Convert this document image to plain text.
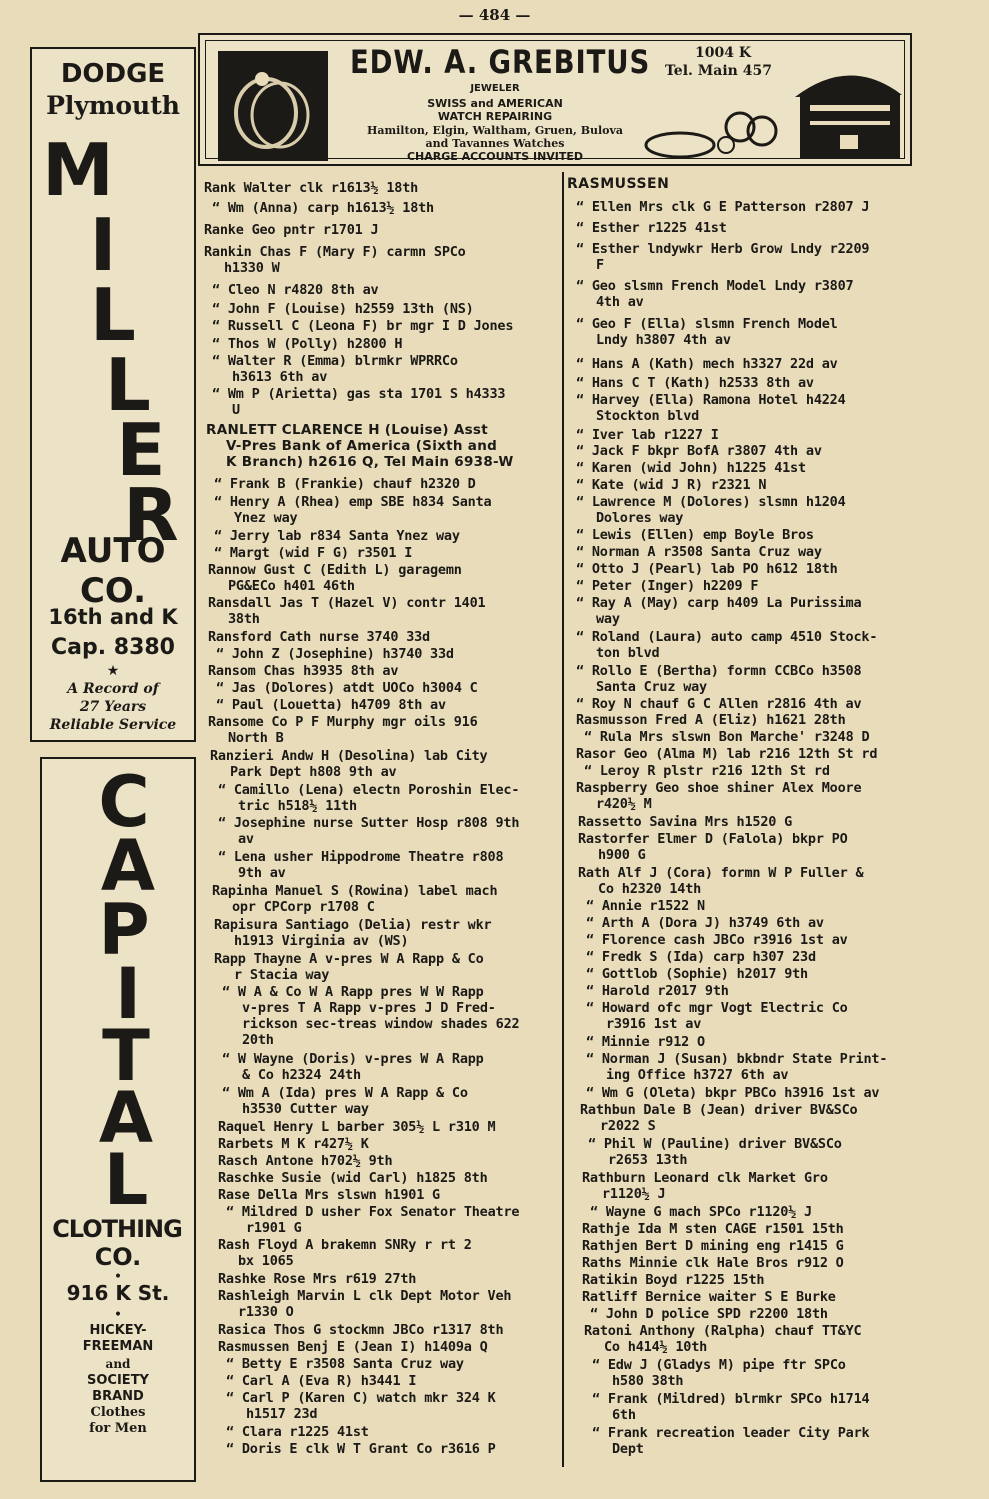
— 484 —
DODGE
Plymouth
M
I
L
L
E
R
AUTO
CO.
16th and K
Cap. 8380
★
A Record of
27 Years
Reliable Service
C
A
P
I
T
A
L
CLOTHING
CO.
•
916 K St.
•
HICKEY-
FREEMAN
and
SOCIETY
BRAND
Clothes
for Men
EDW. A. GREBITUS	1004 K
Tel. Main 457
JEWELER
SWISS and AMERICAN
WATCH REPAIRING
Hamilton, Elgin, Waltham, Gruen, Bulova
and Tavannes Watches
CHARGE ACCOUNTS INVITED
RASMUSSEN
Rank Walter clk r1613½ 18th
“ Wm (Anna) carp h1613½ 18th
Ranke Geo pntr r1701 J
Rankin Chas F (Mary F) carmn SPCo
h1330 W
“ Cleo N r4820 8th av
“ John F (Louise) h2559 13th (NS)
“ Russell C (Leona F) br mgr I D Jones
“ Thos W (Polly) h2800 H
“ Walter R (Emma) blrmkr WPRRCo
h3613 6th av
“ Wm P (Arietta) gas sta 1701 S h4333
U
RANLETT CLARENCE H (Louise) Asst
V-Pres Bank of America (Sixth and
K Branch) h2616 Q, Tel Main 6938-W
“ Frank B (Frankie) chauf h2320 D
“ Henry A (Rhea) emp SBE h834 Santa
Ynez way
“ Jerry lab r834 Santa Ynez way
“ Margt (wid F G) r3501 I
Rannow Gust C (Edith L) garagemn
PG&ECo h401 46th
Ransdall Jas T (Hazel V) contr 1401
38th
Ransford Cath nurse 3740 33d
“ John Z (Josephine) h3740 33d
Ransom Chas h3935 8th av
“ Jas (Dolores) atdt UOCo h3004 C
“ Paul (Louetta) h4709 8th av
Ransome Co P F Murphy mgr oils 916
North B
Ranzieri Andw H (Desolina) lab City
Park Dept h808 9th av
“ Camillo (Lena) electn Poroshin Elec-
tric h518½ 11th
“ Josephine nurse Sutter Hosp r808 9th
av
“ Lena usher Hippodrome Theatre r808
9th av
Rapinha Manuel S (Rowina) label mach
opr CPCorp r1708 C
Rapisura Santiago (Delia) restr wkr
h1913 Virginia av (WS)
Rapp Thayne A v-pres W A Rapp & Co
r Stacia way
“ W A & Co W A Rapp pres W W Rapp
v-pres T A Rapp v-pres J D Fred-
rickson sec-treas window shades 622
20th
“ W Wayne (Doris) v-pres W A Rapp
& Co h2324 24th
“ Wm A (Ida) pres W A Rapp & Co
h3530 Cutter way
Raquel Henry L barber 305½ L r310 M
Rarbets M K r427½ K
Rasch Antone h702½ 9th
Raschke Susie (wid Carl) h1825 8th
Rase Della Mrs slswn h1901 G
“ Mildred D usher Fox Senator Theatre
r1901 G
Rash Floyd A brakemn SNRy r rt 2
bx 1065
Rashke Rose Mrs r619 27th
Rashleigh Marvin L clk Dept Motor Veh
r1330 O
Rasica Thos G stockmn JBCo r1317 8th
Rasmussen Benj E (Jean I) h1409a Q
“ Betty E r3508 Santa Cruz way
“ Carl A (Eva R) h3441 I
“ Carl P (Karen C) watch mkr 324 K
h1517 23d
“ Clara r1225 41st
“ Doris E clk W T Grant Co r3616 P
“ Ellen Mrs clk G E Patterson r2807 J
“ Esther r1225 41st
“ Esther lndywkr Herb Grow Lndy r2209
F
“ Geo slsmn French Model Lndy r3807
4th av
“ Geo F (Ella) slsmn French Model
Lndy h3807 4th av
“ Hans A (Kath) mech h3327 22d av
“ Hans C T (Kath) h2533 8th av
“ Harvey (Ella) Ramona Hotel h4224
Stockton blvd
“ Iver lab r1227 I
“ Jack F bkpr BofA r3807 4th av
“ Karen (wid John) h1225 41st
“ Kate (wid J R) r2321 N
“ Lawrence M (Dolores) slsmn h1204
Dolores way
“ Lewis (Ellen) emp Boyle Bros
“ Norman A r3508 Santa Cruz way
“ Otto J (Pearl) lab PO h612 18th
“ Peter (Inger) h2209 F
“ Ray A (May) carp h409 La Purissima
way
“ Roland (Laura) auto camp 4510 Stock-
ton blvd
“ Rollo E (Bertha) formn CCBCo h3508
Santa Cruz way
“ Roy N chauf G C Allen r2816 4th av
Rasmusson Fred A (Eliz) h1621 28th
“ Rula Mrs slswn Bon Marche' r3248 D
Rasor Geo (Alma M) lab r216 12th St rd
“ Leroy R plstr r216 12th St rd
Raspberry Geo shoe shiner Alex Moore
r420½ M
Rassetto Savina Mrs h1520 G
Rastorfer Elmer D (Falola) bkpr PO
h900 G
Rath Alf J (Cora) formn W P Fuller &
Co h2320 14th
“ Annie r1522 N
“ Arth A (Dora J) h3749 6th av
“ Florence cash JBCo r3916 1st av
“ Fredk S (Ida) carp h307 23d
“ Gottlob (Sophie) h2017 9th
“ Harold r2017 9th
“ Howard ofc mgr Vogt Electric Co
r3916 1st av
“ Minnie r912 O
“ Norman J (Susan) bkbndr State Print-
ing Office h3727 6th av
“ Wm G (Oleta) bkpr PBCo h3916 1st av
Rathbun Dale B (Jean) driver BV&SCo
r2022 S
“ Phil W (Pauline) driver BV&SCo
r2653 13th
Rathburn Leonard clk Market Gro
r1120½ J
“ Wayne G mach SPCo r1120½ J
Rathje Ida M sten CAGE r1501 15th
Rathjen Bert D mining eng r1415 G
Raths Minnie clk Hale Bros r912 O
Ratikin Boyd r1225 15th
Ratliff Bernice waiter S E Burke
“ John D police SPD r2200 18th
Ratoni Anthony (Ralpha) chauf TT&YC
Co h414½ 10th
“ Edw J (Gladys M) pipe ftr SPCo
h580 38th
“ Frank (Mildred) blrmkr SPCo h1714
6th
“ Frank recreation leader City Park
Dept
